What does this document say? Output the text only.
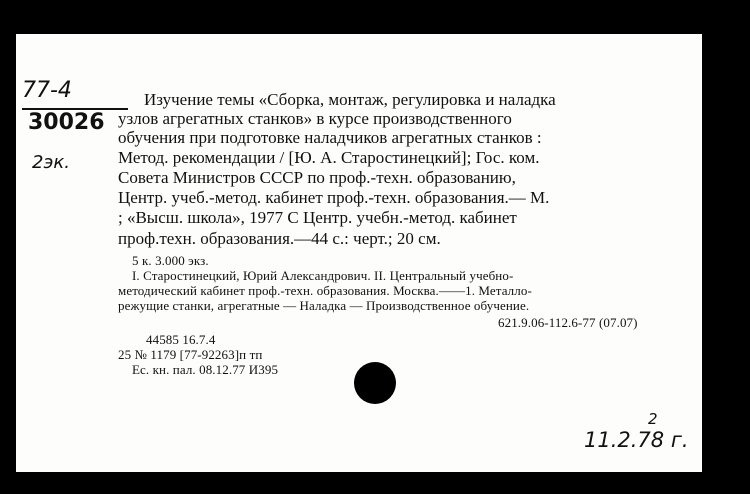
77-4
30026
2эк.
Изучение темы «Сборка, монтаж, регулировка и наладка
узлов агрегатных станков» в курсе производственного
обучения при подготовке наладчиков агрегатных станков :
Метод. рекомендации / [Ю. А. Старостинецкий]; Гос. ком.
Совета Министров СССР по проф.-техн. образованию,
Центр. учеб.-метод. кабинет проф.-техн. образования.— М.
; «Высш. школа», 1977 С Центр. учебн.-метод. кабинет
проф.техн. образования.—44 с.: черт.; 20 см.
5 к. 3.000 экз.
I. Старостинецкий, Юрий Александрович. II. Центральный учебно-
методический кабинет проф.-техн. образования. Москва.——1. Металло-
режущие станки, агрегатные — Наладка — Производственное обучение.
621.9.06-112.6-77 (07.07)
44585 16.7.4
25 № 1179 [77-92263]п тп
Ес. кн. пал. 08.12.77 И395
2
11.2.78 г.
